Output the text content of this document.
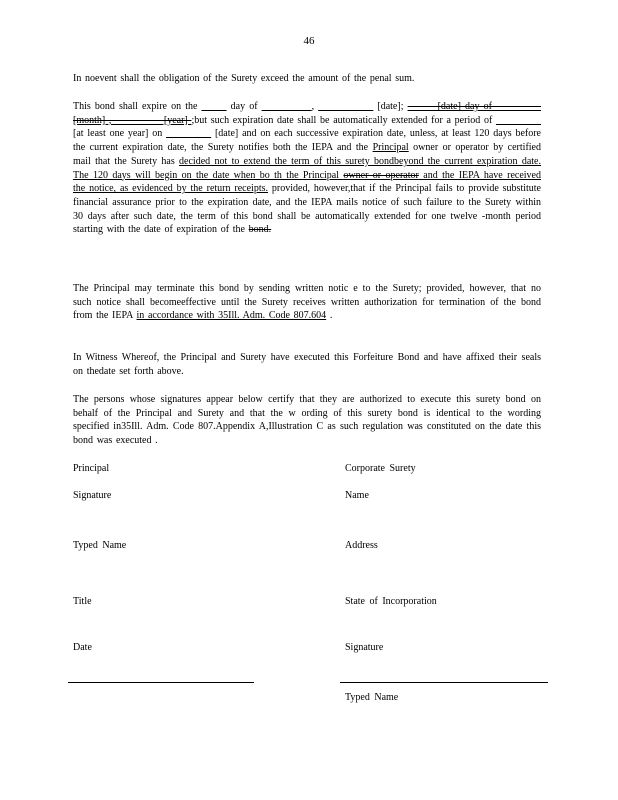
46
In noevent shall the obligation of the Surety exceed the amount of the penal sum.
This bond shall expire on the _____ day of __________, ___________ [date]; ______[date] day of _________ [month] , _________ [year] ;but such expiration date shall be automatically extended for a period of _________ [at least one year] on _________ [date] and on each successive expiration date, unless, at least 120 days before the current expiration date, the Surety notifies both the IEPA and the Principal owner or operator by certified mail that the Surety has decided not to extend the term of this surety bondbeyond the current expiration date. The 120 days will begin on the date when bo th the Principal owner or operator and the IEPA have received the notice, as evidenced by the return receipts. provided, however,that if the Principal fails to provide substitute financial assurance prior to the expiration date, and the IEPA mails notice of such failure to the Surety within 30 days after such date, the term of this bond shall be automatically extended for one twelve -month period starting with the date of expiration of the bond.
The Principal may terminate this bond by sending written notic e to the Surety; provided, however, that no such notice shall becomeeffective until the Surety receives written authorization for termination of the bond from the IEPA in accordance with 35Ill. Adm. Code 807.604 .
In Witness Whereof, the Principal and Surety have executed this Forfeiture Bond and have affixed their seals on thedate set forth above.
The persons whose signatures appear below certify that they are authorized to execute this surety bond on behalf of the Principal and Surety and that the w ording of this surety bond is identical to the wording specified in35Ill. Adm. Code 807.Appendix A,Illustration C as such regulation was constituted on the date this bond was executed .
Principal
Signature
Typed Name
Title
Date
Corporate Surety
Name
Address
State of Incorporation
Signature
Typed Name
